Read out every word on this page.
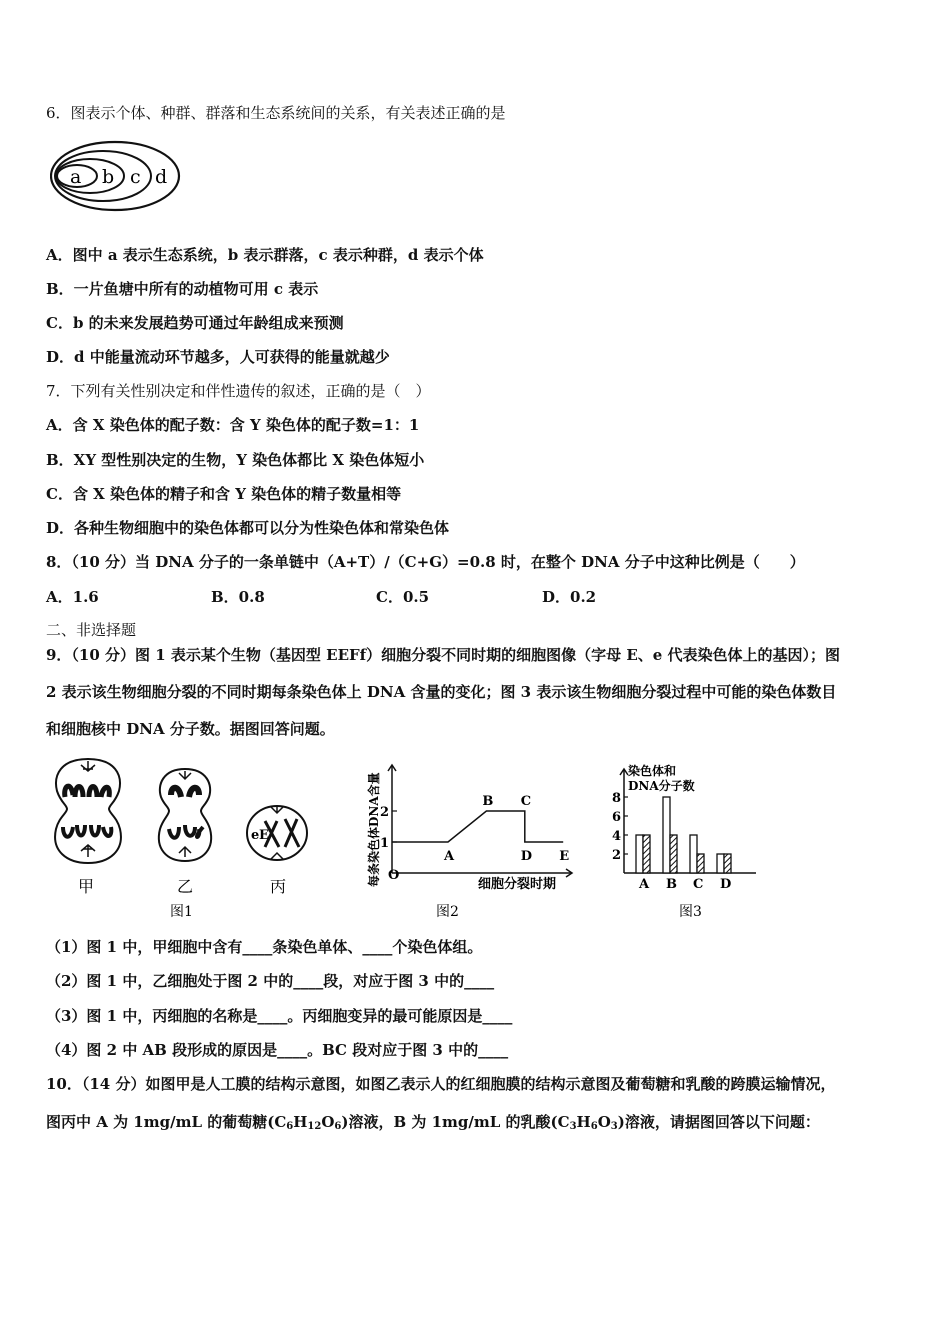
6．图表示个体、种群、群落和生态系统间的关系，有关表述正确的是
a b c d
A．图中 a 表示生态系统，b 表示群落，c 表示种群，d 表示个体
B．一片鱼塘中所有的动植物可用 c 表示
C．b 的未来发展趋势可通过年龄组成来预测
D．d 中能量流动环节越多，人可获得的能量就越少
7．下列有关性别决定和伴性遗传的叙述，正确的是（　）
A．含 X 染色体的配子数：含 Y 染色体的配子数=1：1
B．XY 型性别决定的生物，Y 染色体都比 X 染色体短小
C．含 X 染色体的精子和含 Y 染色体的精子数量相等
D．各种生物细胞中的染色体都可以分为性染色体和常染色体
8．（10 分）当 DNA 分子的一条单链中（A+T）/（C+G）=0.8 时，在整个 DNA 分子中这种比例是（　　）
A．1.6	B．0.8	C．0.5	D．0.2
二、非选择题
9．（10 分）图 1 表示某个生物（基因型 EEFf）细胞分裂不同时期的细胞图像（字母 E、e 代表染色体上的基因）；图
2 表示该生物细胞分裂的不同时期每条染色体上 DNA 含量的变化；图 3 表示该生物细胞分裂过程中可能的染色体数目
和细胞核中 DNA 分子数。据图回答问题。
甲	乙
e E
丙
图1
1
2
A
B C
D E
每条染色体DNA含量 O
细胞分裂时期
图2
2
4
6
8
A B C D
染色体和
DNA分子数
图3
（1）图 1 中，甲细胞中含有____条染色单体、____个染色体组。
（2）图 1 中，乙细胞处于图 2 中的____段，对应于图 3 中的____
（3）图 1 中，丙细胞的名称是____。丙细胞变异的最可能原因是____
（4）图 2 中 AB 段形成的原因是____。BC 段对应于图 3 中的____
10．（14 分）如图甲是人工膜的结构示意图，如图乙表示人的红细胞膜的结构示意图及葡萄糖和乳酸的跨膜运输情况，
图丙中 A 为 1mg/mL 的葡萄糖$(C_6H_{12}O_6)$溶液，B 为 1mg/mL 的乳酸$(C_3H_6O_3)$溶液，请据图回答以下问题：
